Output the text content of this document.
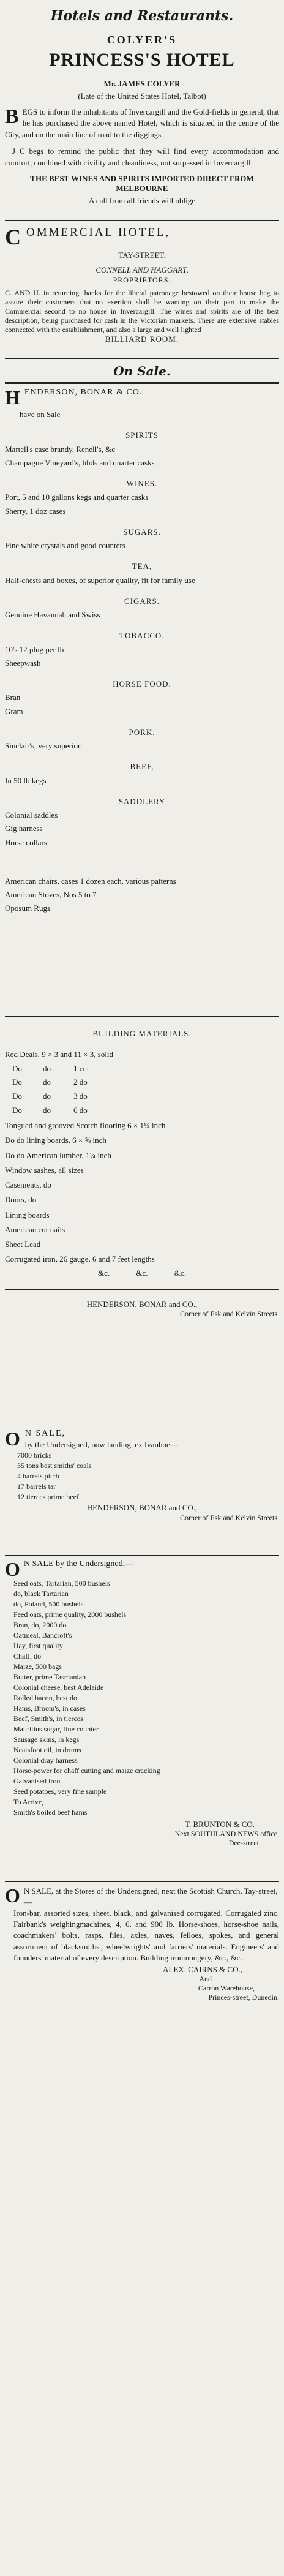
Hotels and Restaurants.

COLYER'S

PRINCESS'S HOTEL

Mr. JAMES COLYER

(Late of the United States Hotel, Talbot)

B EGS to inform the inhabitants of Invercargill and the Gold-fields in general, that he has purchased the above named Hotel, which is situated in the centre of the City, and on the main line of road to the diggings.

J C begs to remind the public that they will find every accommodation and comfort, combined with civility and cleanliness, not surpassed in Invercargill.

THE BEST WINES AND SPIRITS IMPORTED DIRECT FROM MELBOURNE

A call from all friends will oblige

C OMMERCIAL HOTEL,

TAY-STREET.

CONNELL AND HAGGART,

PROPRIETORS.

C. AND H. in returning thanks for the liberal patronage bestowed on their house beg to assure their customers that no exertion shall be wanting on their part to make the Commercial second to no house in Invercargill. The wines and spirits are of the best description, being purchased for cash in the Victorian markets. There are extensive stables connected with the establishment, and also a large and well lighted

BILLIARD ROOM.

On Sale.
H ENDERSON, BONAR & CO.

have on Sale

SPIRITS

Martell's case brandy, Renell's, &c

Champagne Vineyard's, hhds and quarter casks

WINES.

Port, 5 and 10 gallons kegs and quarter casks

Sherry, 1 doz cases

SUGARS.

Fine white crystals and good counters

TEA,

Half-chests and boxes, of superior quality, fit for family use

CIGARS.

Genuine Havannah and Swiss

TOBACCO.

10's 12 plug per lb

Sheepwash

HORSE FOOD.

Bran

Gram

PORK.

Sinclair's, very superior

BEEF,

In 50 lb kegs

SADDLERY

Colonial saddles

Gig harness

Horse collars

American chairs, cases 1 dozen each, various patterns

American Stoves, Nos 5 to 7

Oposum Rugs

BUILDING MATERIALS.

Red Deals, 9 × 3 and 11 × 3, solid

Do	do	1 cut
Do	do	2 do
Do	do	3 do
Do	do	6 do

Tongued and grooved Scotch flooring 6 × 1¼ inch

Do do lining boards, 6 × ⅝ inch

Do do American lumber, 1¼ inch

Window sashes, all sizes

Casements, do

Doors, do

Lining boards

American cut nails

Sheet Lead

Corrugated iron, 26 gauge, 6 and 7 feet lengths

&c. &c. &c.

HENDERSON, BONAR and CO.,

Corner of Esk and Kelvin Streets.

O N SALE,

by the Undersigned, now landing, ex Ivanhoe—

7000 bricks

35 tons best smiths' coals

4 barrels pitch

17 barrels tar

12 tierces prime beef.

HENDERSON, BONAR and CO.,

Corner of Esk and Kelvin Streets.

O N SALE by the Undersigned,—

Seed oats, Tartarian, 500 bushels

do, black Tartarian

do, Poland, 500 bushels

Feed oats, prime quality, 2000 bushels

Bran, do, 2000 do

Oatmeal, Bancroft's

Hay, first quality

Chaff, do

Maize, 500 bags

Butter, prime Tasmanian

Colonial cheese, best Adelaide

Rolled bacon, best do

Hams, Broom's, in cases

Beef, Smith's, in tierces

Mauritius sugar, fine counter

Sausage skins, in kegs

Neatsfoot oil, in drums

Colonial dray harness

Horse-power for chaff cutting and maize cracking

Galvanised iron

Seed potatoes, very fine sample

To Arrive,

Smith's boiled beef hams

T. BRUNTON & CO.

Next SOUTHLAND NEWS office,

Dee-street.

O N SALE, at the Stores of the Undersigned, next the Scottish Church, Tay-street,—

Iron-bar, assorted sizes, sheet, black, and galvanised corrugated. Corrugated zinc. Fairbank's weighingmachines, 4, 6, and 900 lb. Horse-shoes, horse-shoe nails, coachmakers' bolts, rasps, files, axles, naves, felloes, spokes, and general assortment of blacksmiths', wheelwrights' and farriers' materials. Engineers' and founders' material of every description. Building ironmongery, &c., &c.

ALEX. CAIRNS & CO.,

And

Carron Warehouse,

Princes-street, Dunedin.
